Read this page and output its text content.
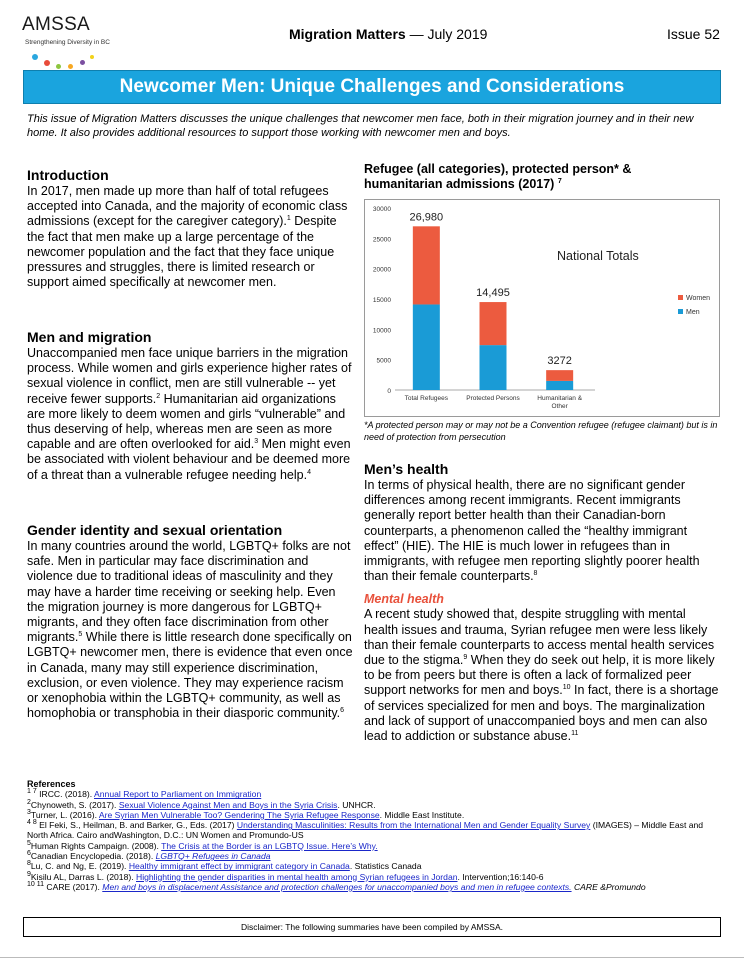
AMSSA
Strengthening Diversity in BC
Migration Matters — July 2019	Issue 52
Newcomer Men: Unique Challenges and Considerations
This issue of Migration Matters discusses the unique challenges that newcomer men face, both in their migration journey and in their new home. It also provides additional resources to support those working with newcomer men and boys.
Introduction

In 2017, men made up more than half of total refugees accepted into Canada, and the majority of economic class admissions (except for the caregiver category).$^1$ Despite the fact that men make up a large percentage of the newcomer population and the fact that they face unique pressures and struggles, there is limited research or support aimed specifically at newcomer men.

Men and migration

Unaccompanied men face unique barriers in the migration process. While women and girls experience higher rates of sexual violence in conflict, men are still vulnerable -- yet receive fewer supports.$^2$ Humanitarian aid organizations are more likely to deem women and girls “vulnerable” and thus deserving of help, whereas men are seen as more capable and are often overlooked for aid.$^3$ Men might even be associated with violent behaviour and be deemed more of a threat than a vulnerable refugee needing help.$^4$

Gender identity and sexual orientation

In many countries around the world, LGBTQ+ folks are not safe. Men in particular may face discrimination and violence due to traditional ideas of masculinity and they may have a harder time receiving or seeking help. Even the migration journey is more dangerous for LGBTQ+ migrants, and they often face discrimination from other migrants.$^5$ While there is little research done specifically on LGBTQ+ newcomer men, there is evidence that even once in Canada, many may still experience discrimination, exclusion, or even violence. They may experience racism or xenophobia within the LGBTQ+ community, as well as homophobia or transphobia in their diasporic community.$^6$

Refugee (all categories), protected person* &

humanitarian admissions (2017) $^7$

0
5000
10000
15000
20000
25000
30000
26,980
Total Refugees
14,495
Protected Persons
3272
Humanitarian &
Other
National Totals
Women
Men
*A protected person may or may not be a Convention refugee (refugee claimant) but is in need of protection from persecution
Men’s health

In terms of physical health, there are no significant gender differences among recent immigrants. Recent immigrants generally report better health than their Canadian-born counterparts, a phenomenon called the “healthy immigrant effect” (HIE). The HIE is much lower in refugees than in immigrants, with refugee men reporting slightly poorer health than their female counterparts.$^8$

Mental health

A recent study showed that, despite struggling with mental health issues and trauma, Syrian refugee men were less likely than their female counterparts to access mental health services due to the stigma.$^9$ When they do seek out help, it is more likely to be from peers but there is often a lack of formalized peer support networks for men and boys.$^{10}$ In fact, there is a shortage of services specialized for men and boys. The marginalization and lack of support of unaccompanied boys and men can also lead to addiction or substance abuse.$^{11}$

References
$^{1 7}$ IRCC. (2018). Annual Report to Parliament on Immigration
$^2$Chynoweth, S. (2017). Sexual Violence Against Men and Boys in the Syria Crisis. UNHCR.
$^3$Turner, L. (2016). Are Syrian Men Vulnerable Too? Gendering The Syria Refugee Response. Middle East Institute.
$^{4 8}$ El Feki, S., Heilman, B. and Barker, G., Eds. (2017) Understanding Masculinities: Results from the International Men and Gender Equality Survey (IMAGES) – Middle East and North Africa. Cairo andWashington, D.C.: UN Women and Promundo-US
$^5$Human Rights Campaign. (2008). The Crisis at the Border is an LGBTQ Issue. Here’s Why.
$^6$Canadian Encyclopedia. (2018). LGBTQ+ Refugees in Canada
$^8$Lu, C. and Ng, E. (2019). Healthy immigrant effect by immigrant category in Canada. Statistics Canada
$^9$Kisilu AL, Darras L. (2018). Highlighting the gender disparities in mental health among Syrian refugees in Jordan. Intervention;16:140-6
$^{10 11}$ CARE (2017). Men and boys in displacement Assistance and protection challenges for unaccompanied boys and men in refugee contexts. CARE &Promundo
Disclaimer: The following summaries have been compiled by AMSSA.
